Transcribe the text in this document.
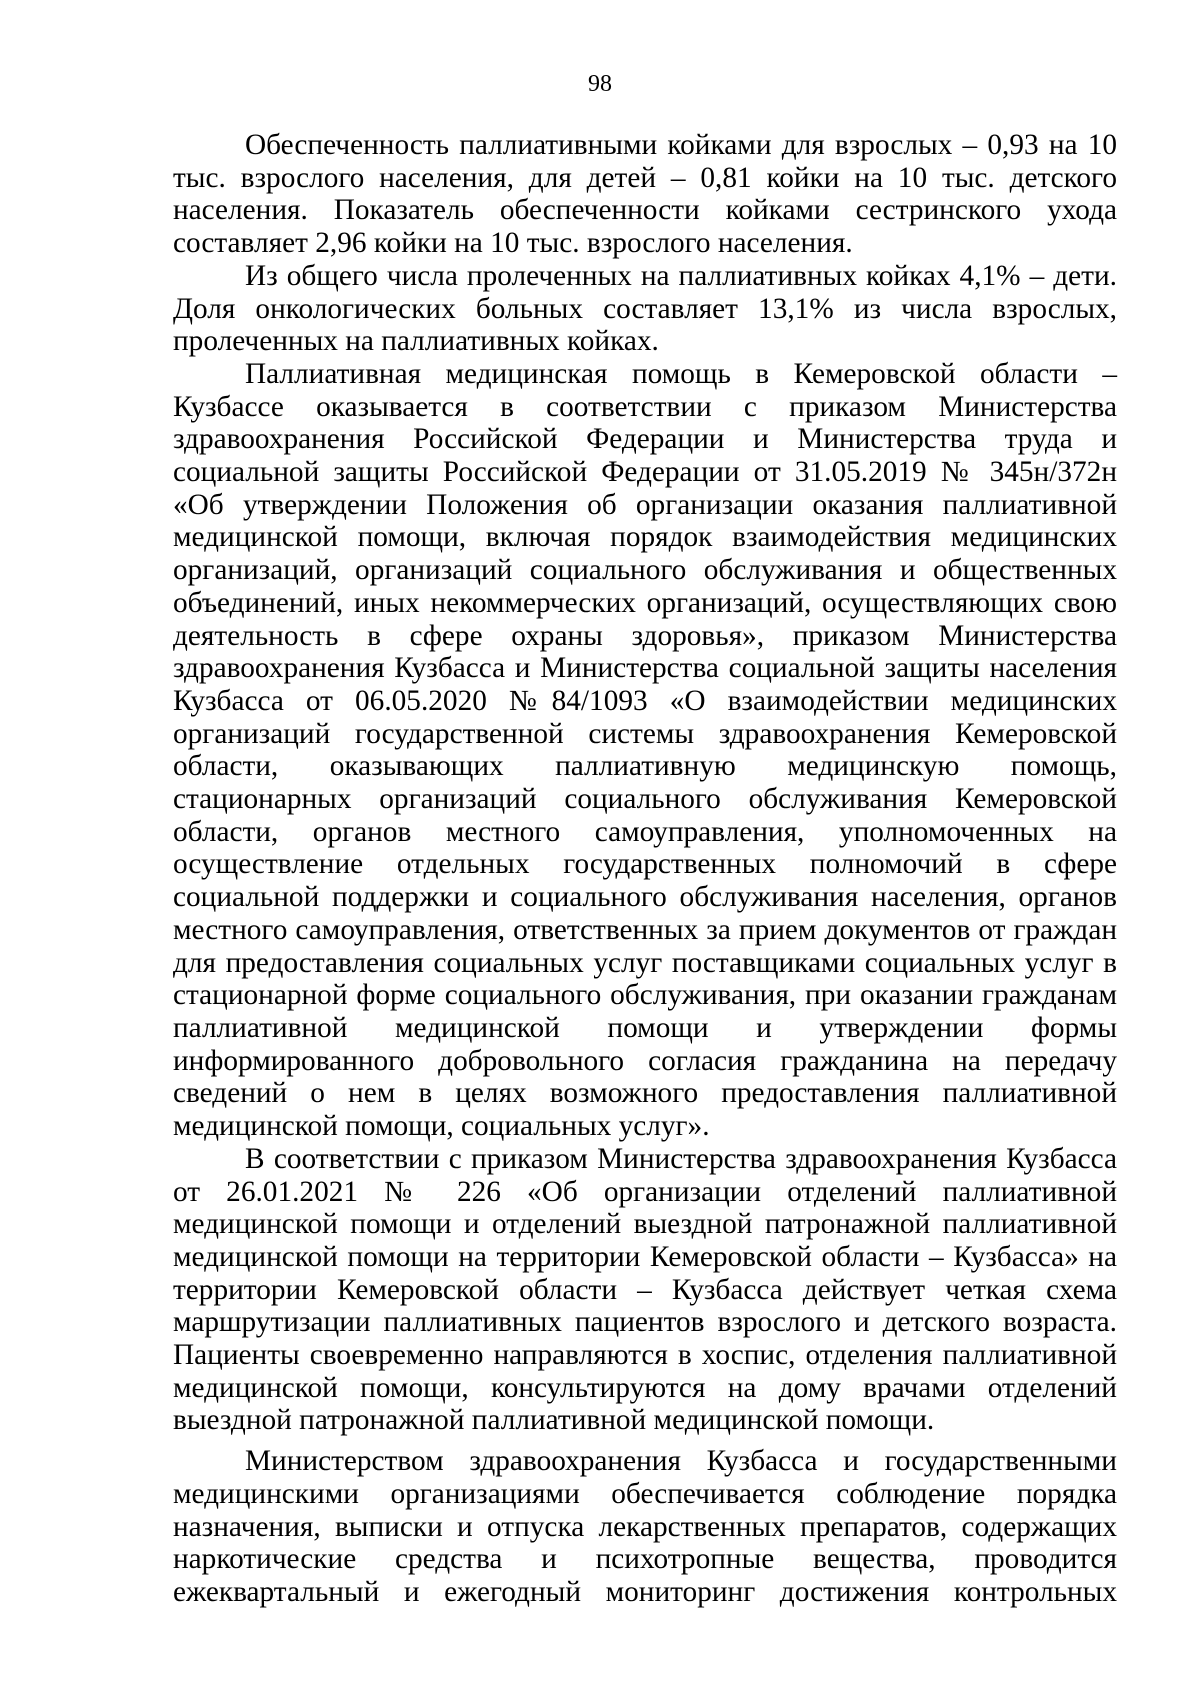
98

Обеспеченность паллиативными койками для взрослых – 0,93 на 10 тыс. взрослого населения, для детей – 0,81 койки на 10 тыс. детского населения. Показатель обеспеченности койками сестринского ухода составляет 2,96 койки на 10 тыс. взрослого населения.

Из общего числа пролеченных на паллиативных койках 4,1% – дети. Доля онкологических больных составляет 13,1% из числа взрослых, пролеченных на паллиативных койках.

Паллиативная медицинская помощь в Кемеровской области – Кузбассе оказывается в соответствии с приказом Министерства здравоохранения Российской Федерации и Министерства труда и социальной защиты Российской Федерации от 31.05.2019 № 345н/372н «Об утверждении Положения об организации оказания паллиативной медицинской помощи, включая порядок взаимодействия медицинских организаций, организаций социального обслуживания и общественных объединений, иных некоммерческих организаций, осуществляющих свою деятельность в сфере охраны здоровья», приказом Министерства здравоохранения Кузбасса и Министерства социальной защиты населения Кузбасса от 06.05.2020 №84/1093 «О взаимодействии медицинских организаций государственной системы здравоохранения Кемеровской области, оказывающих паллиативную медицинскую помощь, стационарных организаций социального обслуживания Кемеровской области, органов местного самоуправления, уполномоченных на осуществление отдельных государственных полномочий в сфере социальной поддержки и социального обслуживания населения, органов местного самоуправления, ответственных за прием документов от граждан для предоставления социальных услуг поставщиками социальных услуг в стационарной форме социального обслуживания, при оказании гражданам паллиативной медицинской помощи и утверждении формы информированного добровольного согласия гражданина на передачу сведений о нем в целях возможного предоставления паллиативной медицинской помощи, социальных услуг».

В соответствии с приказом Министерства здравоохранения Кузбасса от 26.01.2021 № 226 «Об организации отделений паллиативной медицинской помощи и отделений выездной патронажной паллиативной медицинской помощи на территории Кемеровской области – Кузбасса» на территории Кемеровской области – Кузбасса действует четкая схема маршрутизации паллиативных пациентов взрослого и детского возраста. Пациенты своевременно направляются в хоспис, отделения паллиативной медицинской помощи, консультируются на дому врачами отделений выездной патронажной паллиативной медицинской помощи.

Министерством здравоохранения Кузбасса и государственными медицинскими организациями обеспечивается соблюдение порядка назначения, выписки и отпуска лекарственных препаратов, содержащих наркотические средства и психотропные вещества, проводится ежеквартальный и ежегодный мониторинг достижения контрольных
